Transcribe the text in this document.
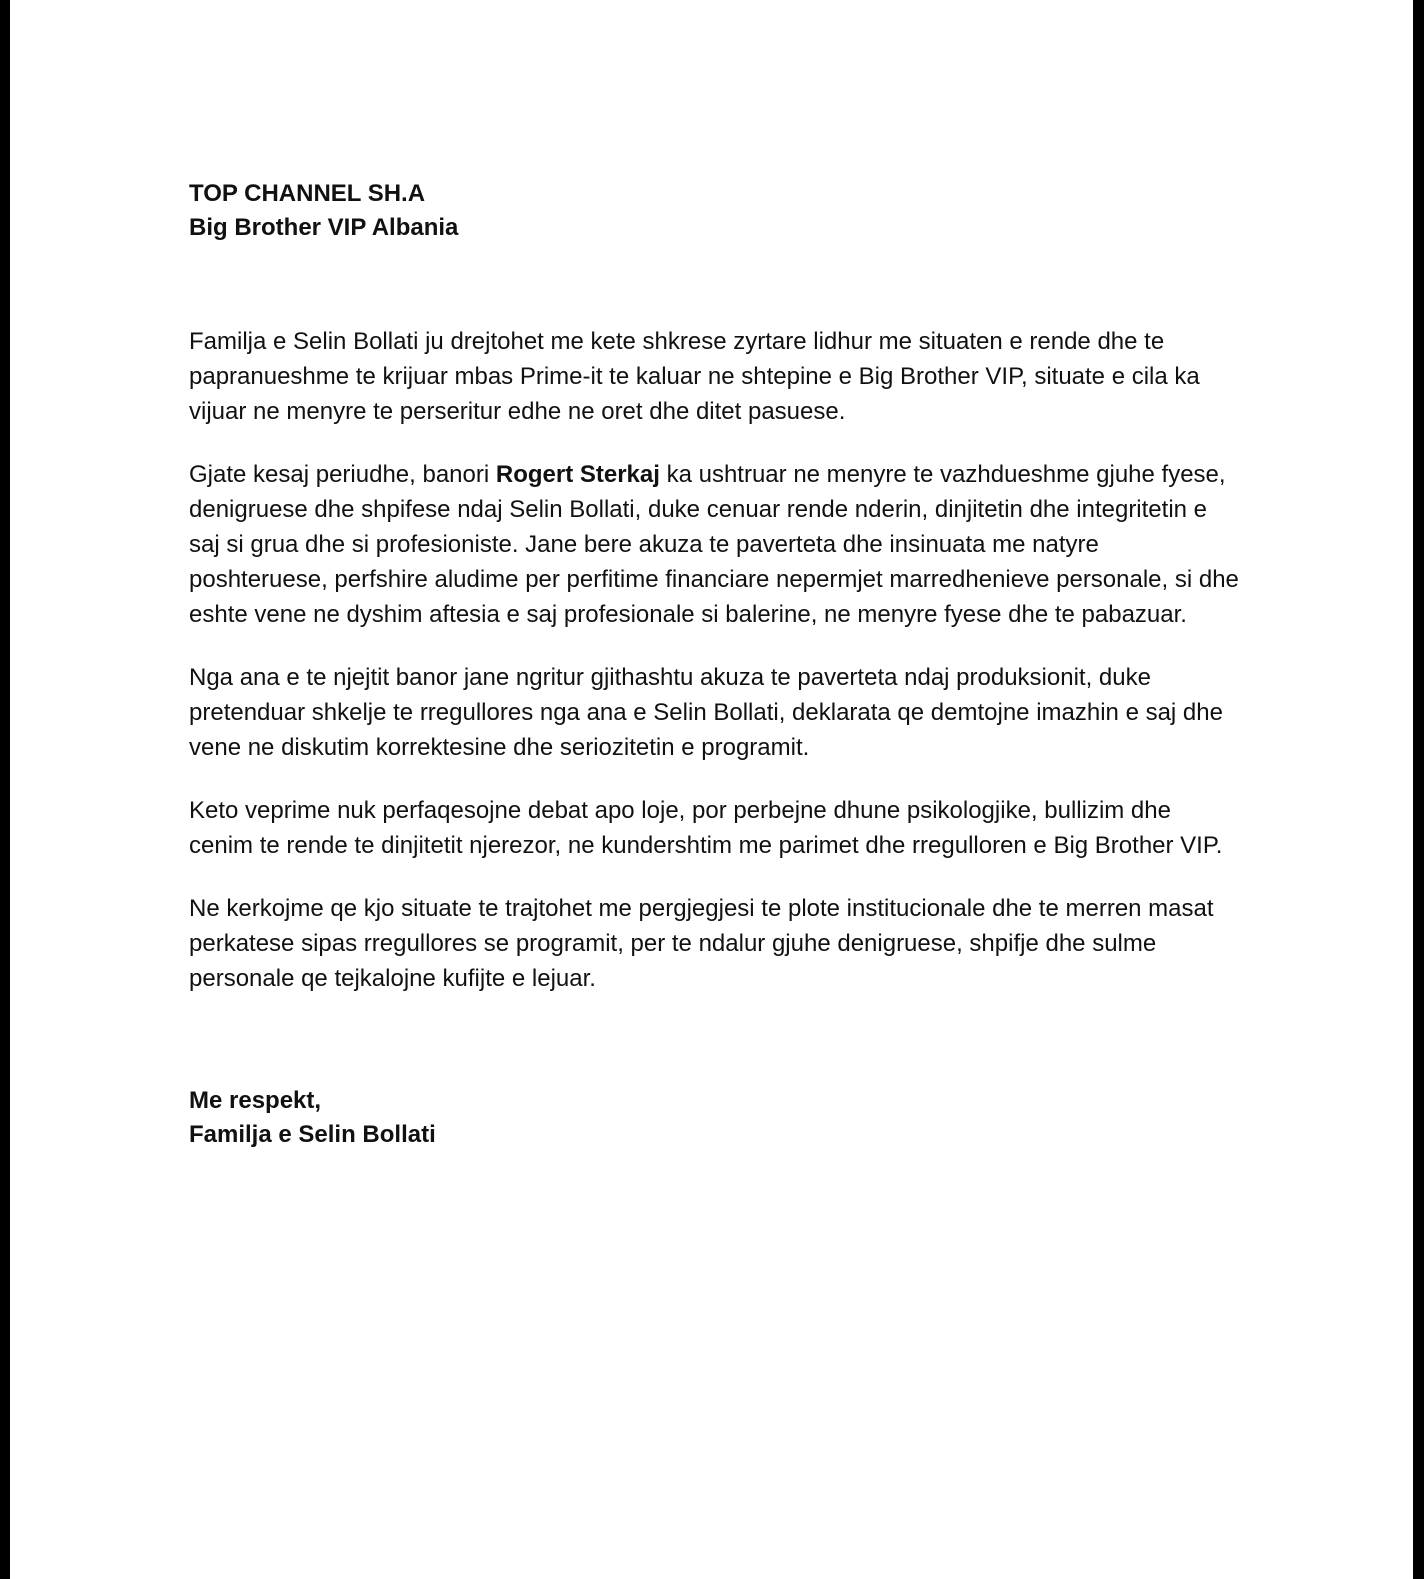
TOP CHANNEL SH.A
Big Brother VIP Albania

Familja e Selin Bollati ju drejtohet me kete shkrese zyrtare lidhur me situaten e rende dhe te papranueshme te krijuar mbas Prime-it te kaluar ne shtepine e Big Brother VIP, situate e cila ka vijuar ne menyre te perseritur edhe ne oret dhe ditet pasuese.

Gjate kesaj periudhe, banori Rogert Sterkaj ka ushtruar ne menyre te vazhdueshme gjuhe fyese, denigruese dhe shpifese ndaj Selin Bollati, duke cenuar rende nderin, dinjitetin dhe integritetin e saj si grua dhe si profesioniste. Jane bere akuza te paverteta dhe insinuata me natyre poshteruese, perfshire aludime per perfitime financiare nepermjet marredhenieve personale, si dhe eshte vene ne dyshim aftesia e saj profesionale si balerine, ne menyre fyese dhe te pabazuar.

Nga ana e te njejtit banor jane ngritur gjithashtu akuza te paverteta ndaj produksionit, duke pretenduar shkelje te rregullores nga ana e Selin Bollati, deklarata qe demtojne imazhin e saj dhe vene ne diskutim korrektesine dhe seriozitetin e programit.

Keto veprime nuk perfaqesojne debat apo loje, por perbejne dhune psikologjike, bullizim dhe cenim te rende te dinjitetit njerezor, ne kundershtim me parimet dhe rregulloren e Big Brother VIP.

Ne kerkojme qe kjo situate te trajtohet me pergjegjesi te plote institucionale dhe te merren masat perkatese sipas rregullores se programit, per te ndalur gjuhe denigruese, shpifje dhe sulme personale qe tejkalojne kufijte e lejuar.

Me respekt,
Familja e Selin Bollati
